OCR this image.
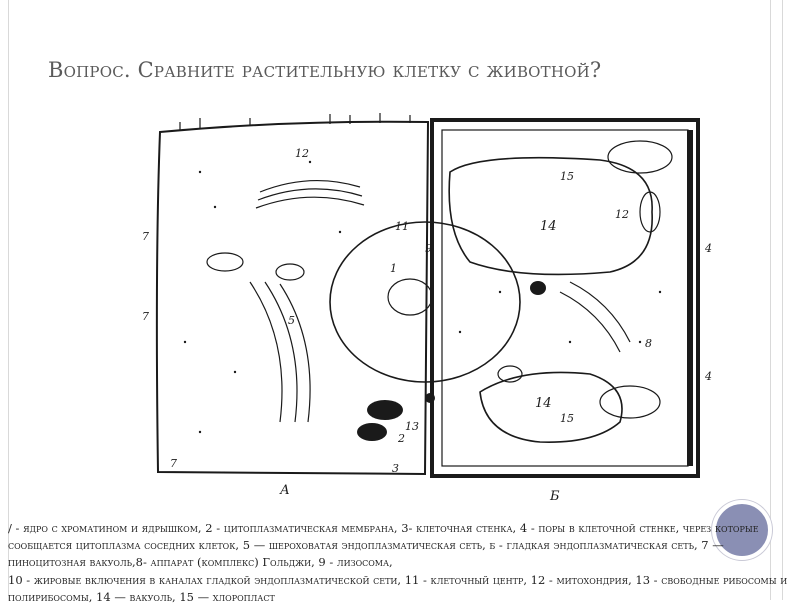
Вопрос. Сравните растительную клетку с животной?
1
2
3
4
4
5
7
7
7
8
9
11
12
12
13
14
14
15
15
А	Б
/ - ядро с хроматином и ядрышком, 2 - цитоплазматическая мембрана, 3- клеточная стенка, 4 - поры в клеточной стенке, через которые
сообщается цитоплазма соседних клеток, 5 — шероховатая эндоплазматическая сеть, б - гладкая эндоплазматическая сеть, 7 —
пиноцитозная вакуоль,8- аппарат (комплекс) Гольджи, 9 - лизосома,
10 - жировые включения в каналах гладкой эндоплазматической сети, 11 - клеточный центр, 12 - митохондрия, 13 - свободные рибосомы и
полирибосомы, 14 — вакуоль, 15 — хлоропласт
